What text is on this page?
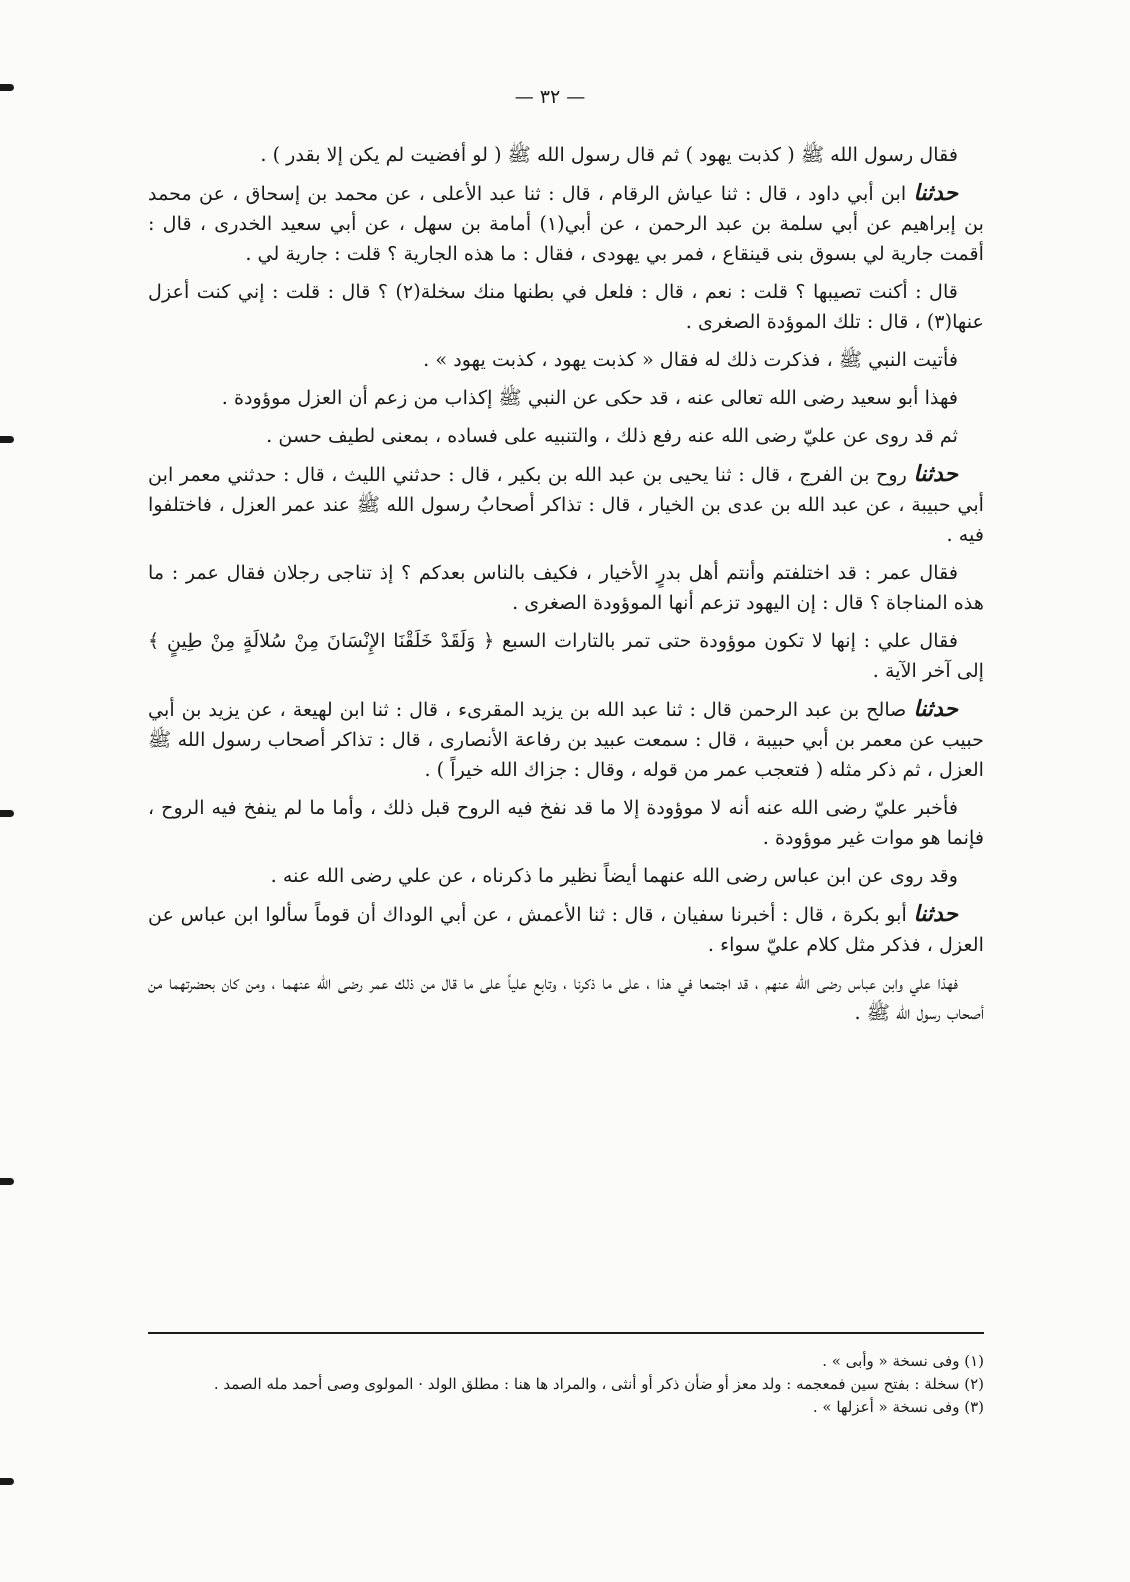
— ٣٢ —

فقال رسول الله ﷺ ( كذبت يهود ) ثم قال رسول الله ﷺ ( لو أفضيت لم يكن إلا بقدر ) .

حدثنا ابن أبي داود ، قال : ثنا عياش الرقام ، قال : ثنا عبد الأعلى ، عن محمد بن إسحاق ، عن محمد بن إبراهيم عن أبي سلمة بن عبد الرحمن ، عن أبي(١) أمامة بن سهل ، عن أبي سعيد الخدرى ، قال : أقمت جارية لي بسوق بنى قينقاع ، فمر بي يهودى ، فقال : ما هذه الجارية ؟ قلت : جارية لي .

قال : أكنت تصيبها ؟ قلت : نعم ، قال : فلعل في بطنها منك سخلة(٢) ؟ قال : قلت : إني كنت أعزل عنها(٣) ، قال : تلك الموؤدة الصغرى .

فأتيت النبي ﷺ ، فذكرت ذلك له فقال « كذبت يهود ، كذبت يهود » .

فهذا أبو سعيد رضى الله تعالى عنه ، قد حكى عن النبي ﷺ إكذاب من زعم أن العزل موؤودة .

ثم قد روى عن عليّ رضى الله عنه رفع ذلك ، والتنبيه على فساده ، بمعنى لطيف حسن .

حدثنا روح بن الفرج ، قال : ثنا يحيى بن عبد الله بن بكير ، قال : حدثني الليث ، قال : حدثني معمر ابن أبي حبيبة ، عن عبد الله بن عدى بن الخيار ، قال : تذاكر أصحابُ رسول الله ﷺ عند عمر العزل ، فاختلفوا فيه .

فقال عمر : قد اختلفتم وأنتم أهل بدرٍ الأخيار ، فكيف بالناس بعدكم ؟ إذ تناجى رجلان فقال عمر : ما هذه المناجاة ؟ قال : إن اليهود تزعم أنها الموؤودة الصغرى .

فقال علي : إنها لا تكون موؤودة حتى تمر بالتارات السبع ﴿ وَلَقَدْ خَلَقْنَا الإِنْسَانَ مِنْ سُلالَةٍ مِنْ طِينٍ ﴾ إلى آخر الآية .

حدثنا صالح بن عبد الرحمن قال : ثنا عبد الله بن يزيد المقرىء ، قال : ثنا ابن لهيعة ، عن يزيد بن أبي حبيب عن معمر بن أبي حبيبة ، قال : سمعت عبيد بن رفاعة الأنصارى ، قال : تذاكر أصحاب رسول الله ﷺ العزل ، ثم ذكر مثله ( فتعجب عمر من قوله ، وقال : جزاك الله خيراً ) .

فأخبر عليّ رضى الله عنه أنه لا موؤودة إلا ما قد نفخ فيه الروح قبل ذلك ، وأما ما لم ينفخ فيه الروح ، فإنما هو موات غير موؤودة .

وقد روى عن ابن عباس رضى الله عنهما أيضاً نظير ما ذكرناه ، عن علي رضى الله عنه .

حدثنا أبو بكرة ، قال : أخبرنا سفيان ، قال : ثنا الأعمش ، عن أبي الوداك أن قوماً سألوا ابن عباس عن العزل ، فذكر مثل كلام عليّ سواء .

فهذا علي وابن عباس رضى الله عنهم ، قد اجتمعا في هذا ، على ما ذكرنا ، وتابع علياً على ما قال من ذلك عمر رضى الله عنهما ، ومن كان بحضرتهما من أصحاب رسول الله ﷺ .

(١) وفى نسخة « وأبى » .

(٢) سخلة : بفتح سين فمعجمه : ولد معز أو ضأن ذكر أو أنثى ، والمراد ها هنا : مطلق الولد · المولوى وصى أحمد مله الصمد .

(٣) وفى نسخة « أعزلها » .
